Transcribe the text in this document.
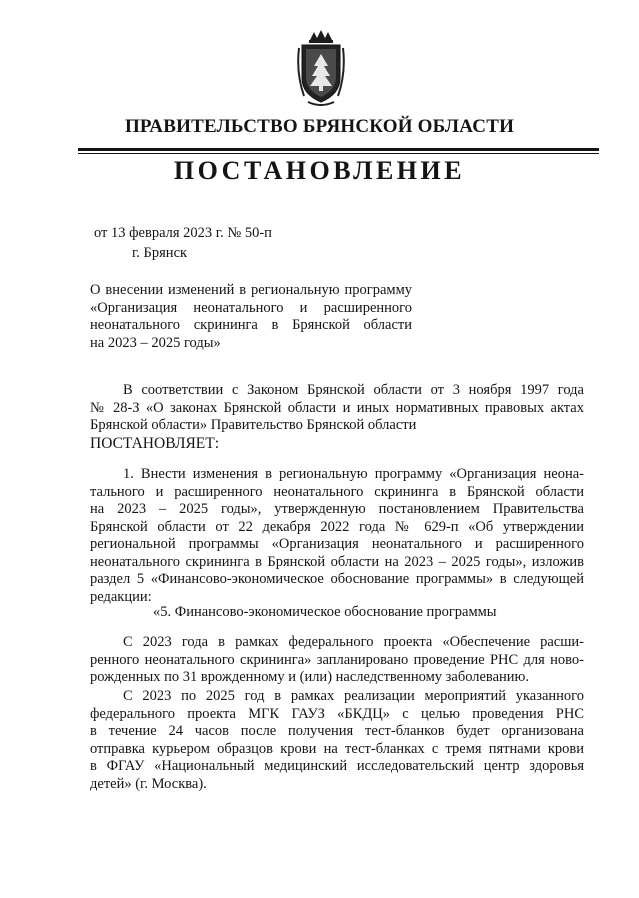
ПРАВИТЕЛЬСТВО БРЯНСКОЙ ОБЛАСТИ
ПОСТАНОВЛЕНИЕ
от 13 февраля 2023 г. № 50-п
г. Брянск
О внесении изменений в региональную программу
«Организация неонатального и расширенного
неонатального скрининга в Брянской области
на 2023 – 2025 годы»
В соответствии с Законом Брянской области от 3 ноября 1997 года
№ 28-З «О законах Брянской области и иных нормативных правовых актах
Брянской области» Правительство Брянской области
ПОСТАНОВЛЯЕТ:
1. Внести изменения в региональную программу «Организация неона-
тального и расширенного неонатального скрининга в Брянской области
на 2023 – 2025 годы», утвержденную постановлением Правительства
Брянской области от 22 декабря 2022 года № 629-п «Об утверждении
региональной программы «Организация неонатального и расширенного
неонатального скрининга в Брянской области на 2023 – 2025 годы», изложив
раздел 5 «Финансово-экономическое обоснование программы» в следующей
редакции:
«5. Финансово-экономическое обоснование программы
С 2023 года в рамках федерального проекта «Обеспечение расши-
ренного неонатального скрининга» запланировано проведение РНС для ново-
рожденных по 31 врожденному и (или) наследственному заболеванию.
С 2023 по 2025 год в рамках реализации мероприятий указанного
федерального проекта МГК ГАУЗ «БКДЦ» с целью проведения РНС
в течение 24 часов после получения тест-бланков будет организована
отправка курьером образцов крови на тест-бланках с тремя пятнами крови
в ФГАУ «Национальный медицинский исследовательский центр здоровья
детей» (г. Москва).
